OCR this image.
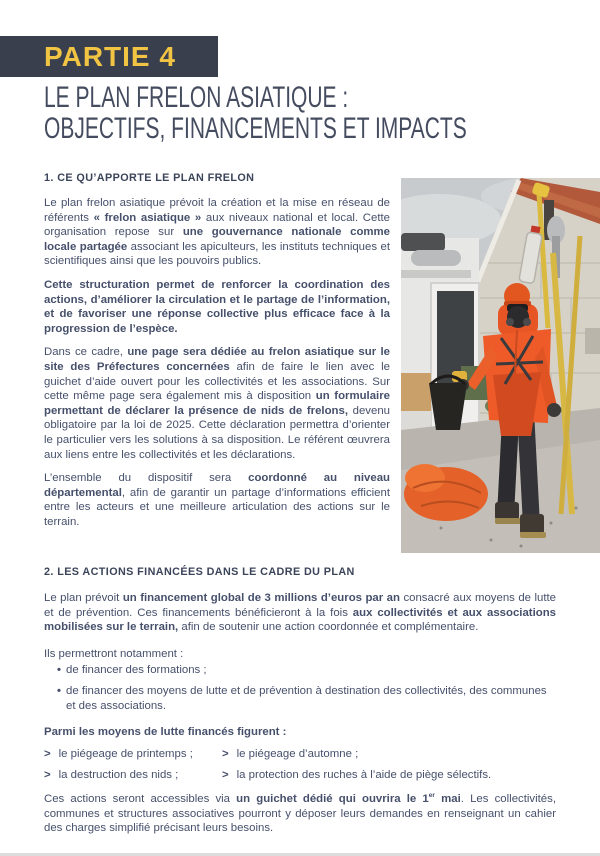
PARTIE 4
LE PLAN FRELON ASIATIQUE :
OBJECTIFS, FINANCEMENTS ET IMPACTS
1. CE QU’APPORTE LE PLAN FRELON

Le plan frelon asiatique prévoit la création et la mise en réseau de référents « frelon asiatique » aux niveaux national et local. Cette organisation repose sur une gouvernance nationale comme locale partagée associant les apiculteurs, les instituts techniques et scientifiques ainsi que les pouvoirs publics.

Cette structuration permet de renforcer la coordination des actions, d’améliorer la circulation et le partage de l’information, et de favoriser une réponse collective plus efficace face à la progression de l’espèce.

Dans ce cadre, une page sera dédiée au frelon asiatique sur le site des Préfectures concernées afin de faire le lien avec le guichet d’aide ouvert pour les collectivités et les associations. Sur cette même page sera également mis à disposition un formulaire permettant de déclarer la présence de nids de frelons, devenu obligatoire par la loi de 2025. Cette déclaration permettra d’orienter le particulier vers les solutions à sa disposition. Le référent œuvrera aux liens entre les collectivités et les déclarations.

L’ensemble du dispositif sera coordonné au niveau départemental, afin de garantir un partage d’informations efficient entre les acteurs et une meilleure articulation des actions sur le terrain.

2. LES ACTIONS FINANCÉES DANS LE CADRE DU PLAN

Le plan prévoit un financement global de 3 millions d’euros par an consacré aux moyens de lutte et de prévention. Ces financements bénéficieront à la fois aux collectivités et aux associations mobilisées sur le terrain, afin de soutenir une action coordonnée et complémentaire.

Ils permettront notamment :
• de financer des formations ;
• de financer des moyens de lutte et de prévention à destination des collectivités, des communes et des associations.

Parmi les moyens de lutte financés figurent :

> le piégeage de printemps ;	> le piégeage d’automne ;
> la destruction des nids ;	> la protection des ruches à l’aide de piège sélectifs.

Ces actions seront accessibles via un guichet dédié qui ouvrira le 1er mai. Les collectivités, communes et structures associatives pourront y déposer leurs demandes en renseignant un cahier des charges simplifié précisant leurs besoins.
